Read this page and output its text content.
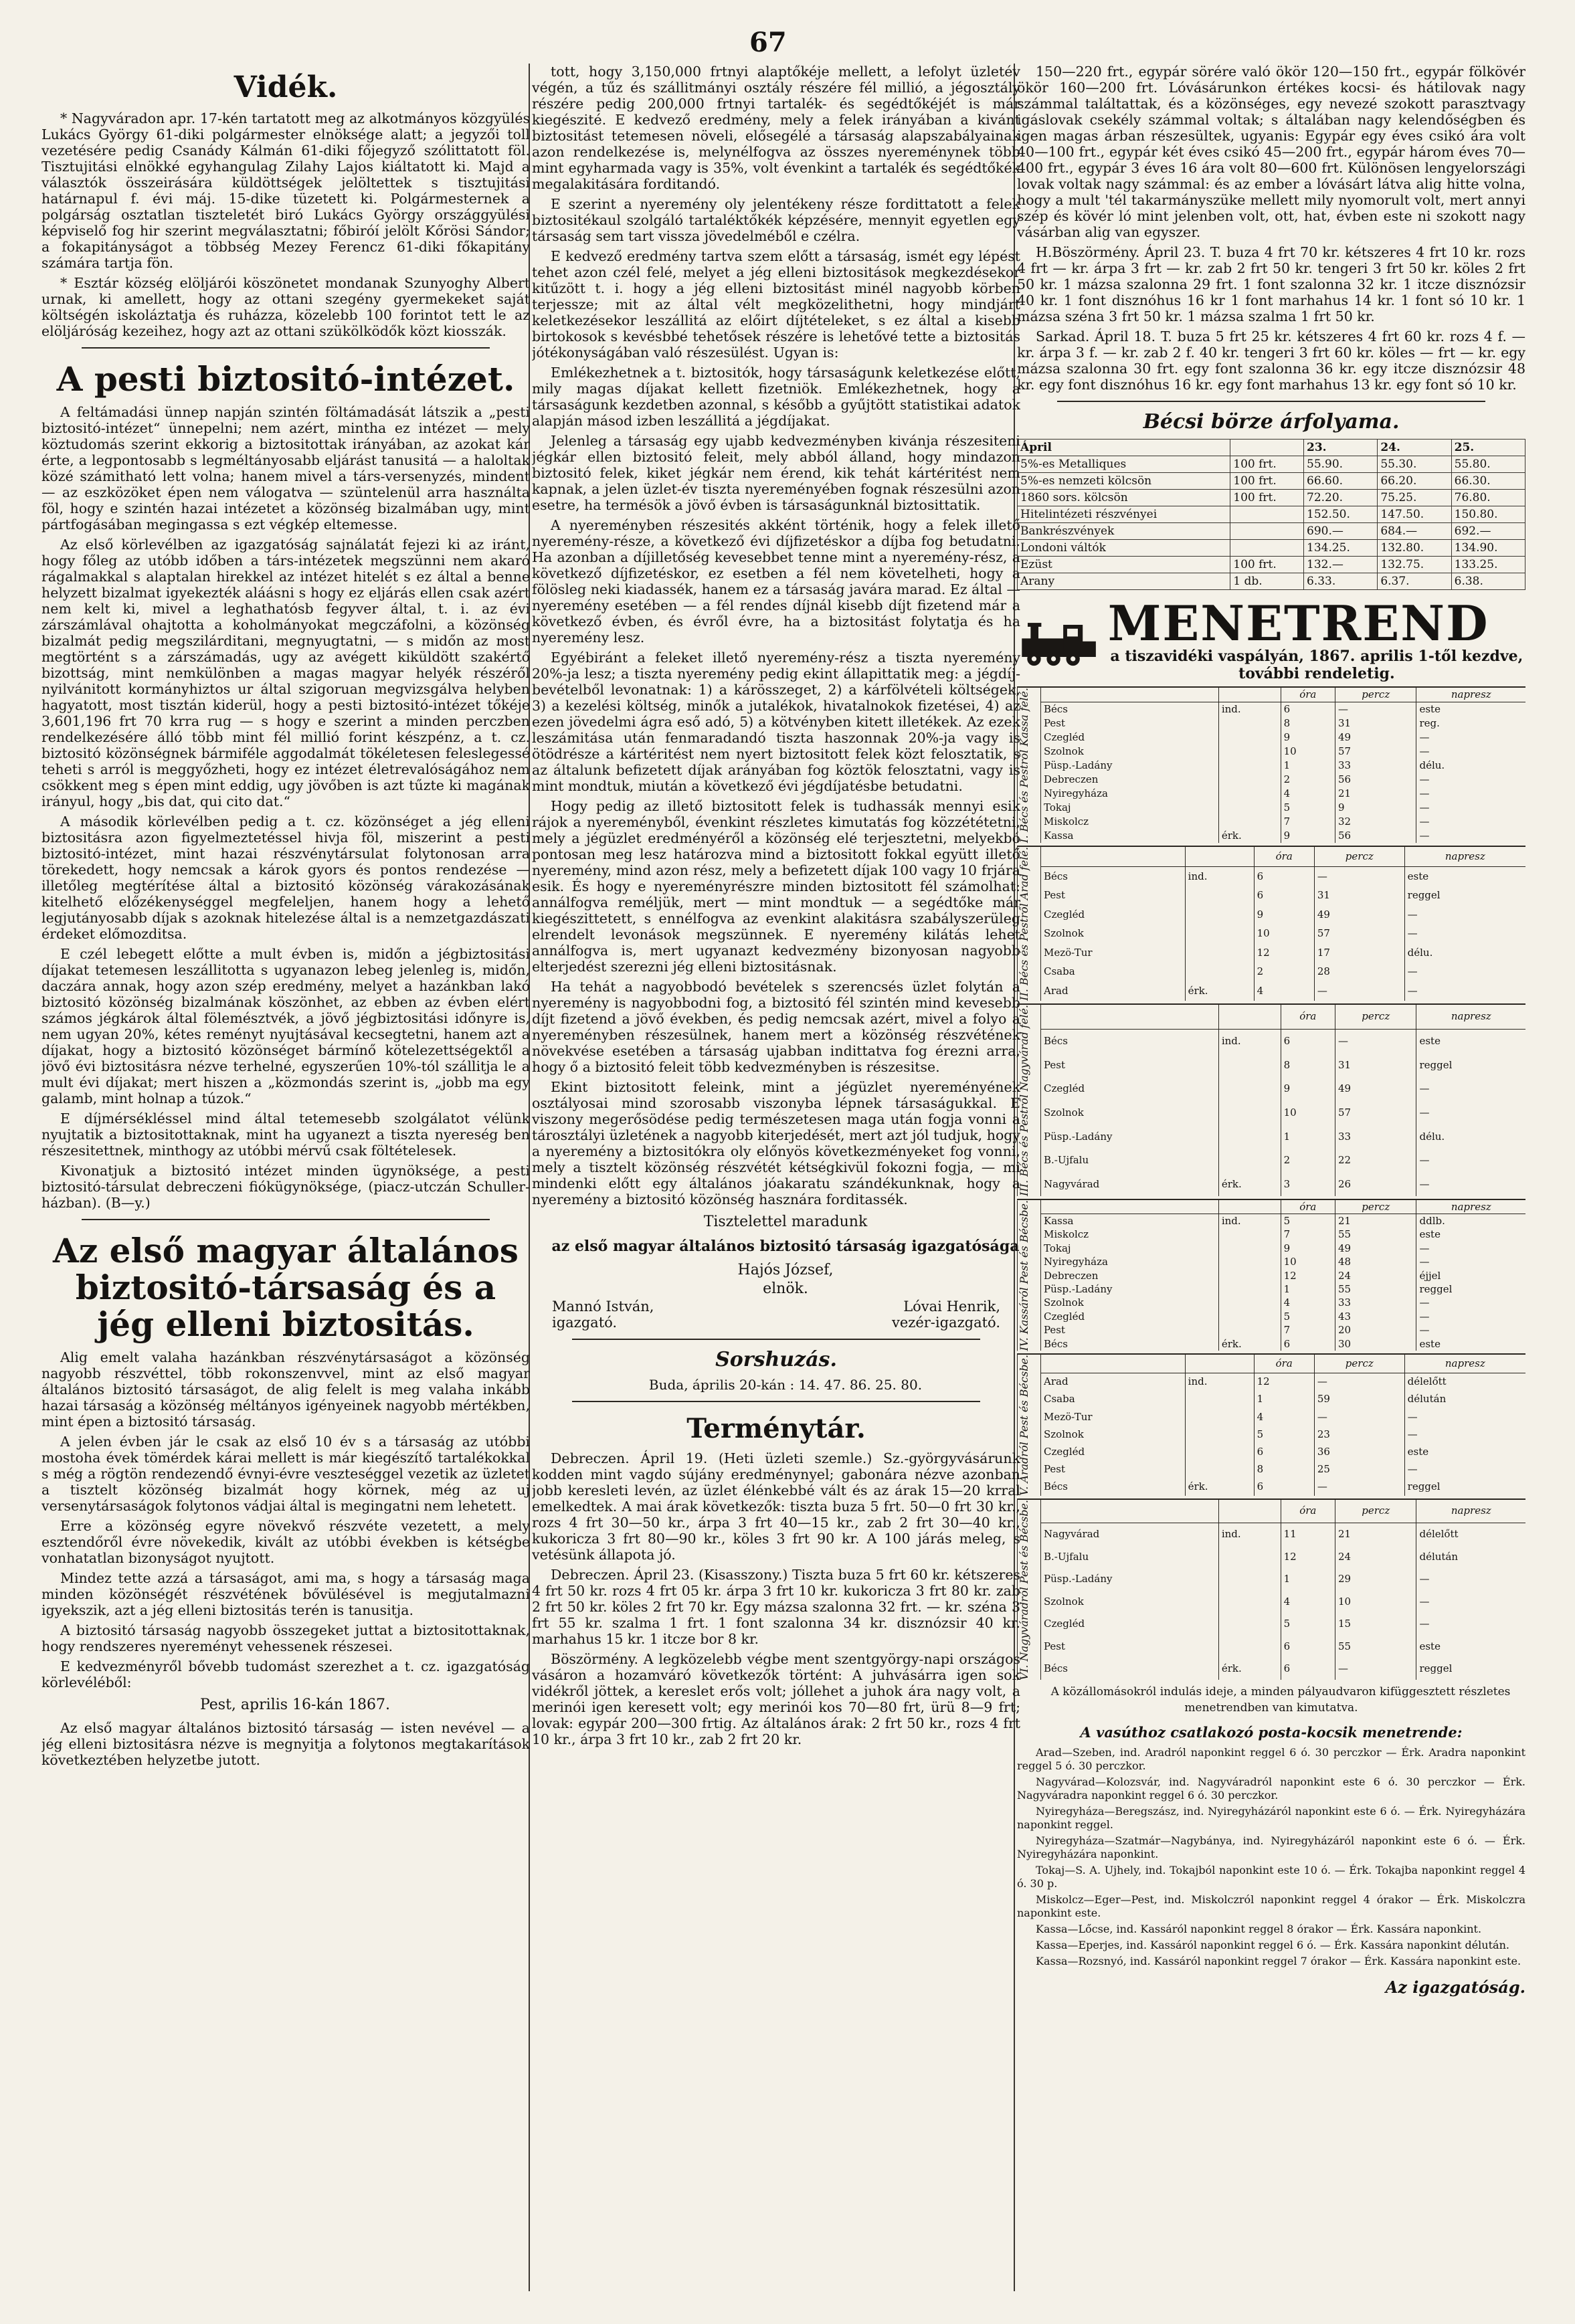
67
Vidék.

* Nagyváradon apr. 17-kén tartatott meg az alkotmányos közgyülés Lukács György 61-diki polgármester elnöksége alatt; a jegyzői toll vezetésére pedig Csanády Kálmán 61-diki főjegyző szólittatott föl. Tisztujitási elnökké egyhangulag Zilahy Lajos kiáltatott ki. Majd a választók összeirására küldöttségek jelöltettek s tisztujitási határnapul f. évi máj. 15-dike tüzetett ki. Polgármesternek a polgárság osztatlan tiszteletét biró Lukács György országgyülési képviselő fog hir szerint megválasztatni; főbiróí jelölt Kőrösi Sándor; a fokapitányságot a többség Mezey Ferencz 61-diki főkapitány számára tartja fön.

* Esztár község elöljárói köszönetet mondanak Szunyoghy Albert urnak, ki amellett, hogy az ottani szegény gyermekeket saját költségén iskoláztatja és ruházza, közelebb 100 forintot tett le az elöljáróság kezeihez, hogy azt az ottani szükölködők közt kiosszák.

A pesti biztositó-intézet.

A feltámadási ünnep napján szintén föltámadását látszik a „pesti biztositó-intézet“ ünnepelni; nem azért, mintha ez intézet — mely köztudomás szerint ekkorig a biztositottak irányában, az azokat kár érte, a legpontosabb s legméltányosabb eljárást tanusitá — a haloltak közé számitható lett volna; hanem mivel a társ-versenyzés, mindent — az eszközöket épen nem válogatva — szüntelenül arra használta föl, hogy e szintén hazai intézetet a közönség bizalmában ugy, mint pártfogásában megingassa s ezt végkép eltemesse.

Az első körlevélben az igazgatóság sajnálatát fejezi ki az iránt, hogy főleg az utóbb időben a társ-intézetek megszünni nem akaró rágalmakkal s alaptalan hirekkel az intézet hitelét s ez által a benne helyzett bizalmat igyekezték aláásni s hogy ez eljárás ellen csak azért nem kelt ki, mivel a leghathatósb fegyver által, t. i. az évi zárszámlával ohajtotta a koholmányokat megczáfolni, a közönség bizalmát pedig megszilárditani, megnyugtatni, — s midőn az most megtörtént s a zárszámadás, ugy az avégett kiküldött szakértő bizottság, mint nemkülönben a magas magyar helyék részéről nyilvánitott kormányhiztos ur által szigoruan megvizsgálva helyben hagyatott, most tisztán kiderül, hogy a pesti biztositó-intézet tőkéje 3,601,196 frt 70 krra rug — s hogy e szerint a minden perczben rendelkezésére álló több mint fél millió forint készpénz, a t. cz. biztositó közönségnek bármiféle aggodalmát tökéletesen feleslegessé teheti s arról is meggyőzheti, hogy ez intézet életrevalóságához nem csökkent meg s épen mint eddig, ugy jövőben is azt tűzte ki magának irányul, hogy „bis dat, qui cito dat.“

A második körlevélben pedig a t. cz. közönséget a jég elleni biztositásra azon figyelmeztetéssel hivja föl, miszerint a pesti biztositó-intézet, mint hazai részvénytársulat folytonosan arra törekedett, hogy nemcsak a károk gyors és pontos rendezése — illetőleg megtérítése által a biztositó közönség várakozásának kitelhető előzékenységgel megfeleljen, hanem hogy a lehető legjutányosabb díjak s azoknak hitelezése által is a nemzetgazdászati érdeket előmozditsa.

E czél lebegett előtte a mult évben is, midőn a jégbiztositási díjakat tetemesen leszállitotta s ugyanazon lebeg jelenleg is, midőn, daczára annak, hogy azon szép eredmény, melyet a hazánkban lakó biztositó közönség bizalmának köszönhet, az ebben az évben elért számos jégkárok által fölemésztvék, a jövő jégbiztositási időnyre is, nem ugyan 20%, kétes reményt nyujtásával kecsegtetni, hanem azt a díjakat, hogy a biztositó közönséget bármínő kötelezettségektől a jövő évi biztositásra nézve terhelné, egyszerűen 10%-tól szállitja le a mult évi díjakat; mert hiszen a „közmondás szerint is, „jobb ma egy galamb, mint holnap a túzok.“

E díjmérsékléssel mind által tetemesebb szolgálatot vélünk nyujtatik a biztositottaknak, mint ha ugyanezt a tiszta nyereség ben részesitettnek, minthogy az utóbbi mérvű csak föltételesek.

Kivonatjuk a biztositó intézet minden ügynöksége, a pesti biztositó-társulat debreczeni fiókügynöksége, (piacz-utczán Schuller-házban). (B—y.)

Az első magyar általános biztositó-társaság és a jég elleni biztositás.

Alig emelt valaha hazánkban részvénytársaságot a közönség nagyobb részvéttel, több rokonszenvvel, mint az első magyar általános biztositó társaságot, de alig felelt is meg valaha inkább hazai társaság a közönség méltányos igényeinek nagyobb mértékben, mint épen a biztositó társaság.

A jelen évben jár le csak az első 10 év s a társaság az utóbbi mostoha évek tömérdek kárai mellett is már kiegészítő tartalékokkal s még a rögtön rendezendő évnyi-évre veszteséggel vezetik az üzletet a tisztelt közönség bizalmát hogy körnek, még az uj versenytársaságok folytonos vádjai által is megingatni nem lehetett.

Erre a közönség egyre növekvő részvéte vezetett, a mely esztendőről évre növekedik, kivált az utóbbi években is kétségbe vonhatatlan bizonyságot nyujtott.

Mindez tette azzá a társaságot, ami ma, s hogy a társaság maga minden közönségét részvétének bővülésével is megjutalmazni igyekszik, azt a jég elleni biztositás terén is tanusitja.

A biztositó társaság nagyobb összegeket juttat a biztositottaknak, hogy rendszeres nyereményt vehessenek részesei.

E kedvezményről bővebb tudomást szerezhet a t. cz. igazgatóság körlevéléből:

Pest, aprilis 16-kán 1867.

Az első magyar általános biztositó társaság — isten nevével — a jég elleni biztositásra nézve is megnyitja a folytonos megtakarítások következtében helyzetbe jutott.

tott, hogy 3,150,000 frtnyi alaptőkéje mellett, a lefolyt üzletév végén, a tűz és szállitmányi osztály részére fél millió, a jégosztály részére pedig 200,000 frtnyi tartalék- és segédtőkéjét is már kiegészité. E kedvező eredmény, mely a felek irányában a kivánt biztositást tetemesen növeli, elősegélé a társaság alapszabályainak azon rendelkezése is, melynélfogva az összes nyereménynek több mint egyharmada vagy is 35%, volt évenkint a tartalék és segédtőkék megalakitására forditandó.

E szerint a nyeremény oly jelentékeny része fordittatott a felek biztositékaul szolgáló tartaléktőkék képzésére, mennyit egyetlen egy társaság sem tart vissza jövedelméből e czélra.

E kedvező eredmény tartva szem előtt a társaság, ismét egy lépést tehet azon czél felé, melyet a jég elleni biztositások megkezdésekor kitűzött t. i. hogy a jég elleni biztositást minél nagyobb körben terjessze; mit az által vélt megközelithetni, hogy mindjárt keletkezésekor leszállitá az előirt díjtételeket, s ez által a kisebb birtokosok s kevésbbé tehetősek részére is lehetővé tette a biztositás jótékonyságában való részesülést. Ugyan is:

Emlékezhetnek a t. biztositók, hogy társaságunk keletkezése előtt, mily magas díjakat kellett fizetniök. Emlékezhetnek, hogy a társaságunk kezdetben azonnal, s később a gyűjtött statistikai adatok alapján másod izben leszállitá a jégdíjakat.

Jelenleg a társaság egy ujabb kedvezményben kivánja részesiteni jégkár ellen biztositó feleit, mely abból álland, hogy mindazon biztositó felek, kiket jégkár nem érend, kik tehát kártéritést nem kapnak, a jelen üzlet-év tiszta nyereményében fognak részesülni azon esetre, ha termésök a jövő évben is társaságunknál biztosittatik.

A nyereményben részesités akként történik, hogy a felek illető nyeremény-része, a következő évi díjfizetéskor a díjba fog betudatni. Ha azonban a díjilletőség kevesebbet tenne mint a nyeremény-rész, a következő díjfizetéskor, ez esetben a fél nem követelheti, hogy a fölösleg neki kiadassék, hanem ez a társaság javára marad. Ez által — nyeremény esetében — a fél rendes díjnál kisebb díjt fizetend már a következő évben, és évről évre, ha a biztositást folytatja és ha nyeremény lesz.

Egyébiránt a feleket illető nyeremény-rész a tiszta nyeremény 20%-ja lesz; a tiszta nyeremény pedig ekint állapittatik meg: a jégdíj-bevételből levonatnak: 1) a kárösszeget, 2) a kárfölvételi költségek, 3) a kezelési költség, minők a jutalékok, hivatalnokok fizetései, 4) az ezen jövedelmi ágra eső adó, 5) a kötvényben kitett illetékek. Az ezek leszámitása után fenmaradandó tiszta haszonnak 20%-ja vagy is ötödrésze a kártéritést nem nyert biztositott felek közt felosztatik, s az általunk befizetett díjak arányában fog köztök felosztatni, vagy is mint mondtuk, miután a következő évi jégdíjatésbe betudatni.

Hogy pedig az illető biztositott felek is tudhassák mennyi esik rájok a nyereményből, évenkint részletes kimutatás fog közzététetni, mely a jégüzlet eredményéről a közönség elé terjesztetni, melyekbó pontosan meg lesz határozva mind a biztositott fokkal együtt illető nyeremény, mind azon rész, mely a befizetett díjak 100 vagy 10 frjára esik. És hogy e nyereményrészre minden biztositott fél számolhat: annálfogva reméljük, mert — mint mondtuk — a segédtőke már kiegészittetett, s ennélfogva az evenkint alakitásra szabályszerüleg elrendelt levonások megszünnek. E nyeremény kilátás lehet annálfogva is, mert ugyanazt kedvezmény bizonyosan nagyobb elterjedést szerezni jég elleni biztositásnak.

Ha tehát a nagyobbodó bevételek s szerencsés üzlet folytán a nyeremény is nagyobbodni fog, a biztositó fél szintén mind kevesebb díjt fizetend a jövő években, és pedig nemcsak azért, mivel a folyo a nyereményben részesülnek, hanem mert a közönség részvétének növekvése esetében a társaság ujabban indittatva fog érezni arra, hogy ő a biztositó feleit több kedvezményben is részesitse.

Ekint biztositott feleink, mint a jégüzlet nyereményének osztályosai mind szorosabb viszonyba lépnek társaságukkal. E viszony megerősödése pedig természetesen maga után fogja vonni a tárosztályi üzletének a nagyobb kiterjedését, mert azt jól tudjuk, hogy a nyeremény a biztositókra oly előnyös következményeket fog vonni, mely a tisztelt közönség részvétét kétségkivül fokozni fogja, — mi mindenki előtt egy általános jóakaratu szándékunknak, hogy a nyeremény a biztositó közönség hasznára forditassék.

Tisztelettel maradunk

az első magyar általános biztositó társaság igazgatósága

Hajós József,

elnök.

Mannó István,	Lóvai Henrik,
igazgató.	vezér-igazgató.
Sorshuzás.

Buda, április 20-kán : 14. 47. 86. 25. 80.

Terménytár.

Debreczen. Ápril 19. (Heti üzleti szemle.) Sz.-györgyvásárunk kodden mint vagdo sújány eredménynyel; gabonára nézve azonban jobb keresleti levén, az üzlet élénkebbé vált és az árak 15—20 krral emelkedtek. A mai árak következők: tiszta buza 5 frt. 50—0 frt 30 kr., rozs 4 frt 30—50 kr., árpa 3 frt 40—15 kr., zab 2 frt 30—40 kr., kukoricza 3 frt 80—90 kr., köles 3 frt 90 kr. A 100 járás meleg, s vetésünk állapota jó.

Debreczen. Ápril 23. (Kisasszony.) Tiszta buza 5 frt 60 kr. kétszeres 4 frt 50 kr. rozs 4 frt 05 kr. árpa 3 frt 10 kr. kukoricza 3 frt 80 kr. zab 2 frt 50 kr. köles 2 frt 70 kr. Egy mázsa szalonna 32 frt. — kr. széna 3 frt 55 kr. szalma 1 frt. 1 font szalonna 34 kr. disznózsir 40 kr. marhahus 15 kr. 1 itcze bor 8 kr.

Böszörmény. A legközelebb végbe ment szentgyörgy-napi országos vásáron a hozamváró következők történt: A juhvásárra igen sok vidékről jöttek, a kereslet erős volt; jóllehet a juhok ára nagy volt, a merinói igen keresett volt; egy merinói kos 70—80 frt, ürü 8—9 frt; lovak: egypár 200—300 frtig. Az általános árak: 2 frt 50 kr., rozs 4 frt 10 kr., árpa 3 frt 10 kr., zab 2 frt 20 kr.

150—220 frt., egypár sörére való ökör 120—150 frt., egypár fölkövér ökör 160—200 frt. Lóvásárunkon értékes kocsi- és hátilovak nagy számmal találtattak, és a közönséges, egy nevezé szokott parasztvagy igáslovak csekély számmal voltak; s általában nagy kelendőségben és igen magas árban részesültek, ugyanis: Egypár egy éves csikó ára volt 40—100 frt., egypár két éves csikó 45—200 frt., egypár három éves 70—400 frt., egypár 3 éves 16 ára volt 80—600 frt. Különösen lengyelországi lovak voltak nagy számmal: és az ember a lóvásárt látva alig hitte volna, hogy a mult 'tél takarmányszüke mellett mily nyomorult volt, mert annyi szép és kövér ló mint jelenben volt, ott, hat, évben este ni szokott nagy vásárban alig van egyszer.

H.Böszörmény. Ápril 23. T. buza 4 frt 70 kr. kétszeres 4 frt 10 kr. rozs 4 frt — kr. árpa 3 frt — kr. zab 2 frt 50 kr. tengeri 3 frt 50 kr. köles 2 frt 50 kr. 1 mázsa szalonna 29 frt. 1 font szalonna 32 kr. 1 itcze disznózsir 40 kr. 1 font disznóhus 16 kr 1 font marhahus 14 kr. 1 font só 10 kr. 1 mázsa széna 3 frt 50 kr. 1 mázsa szalma 1 frt 50 kr.

Sarkad. Ápril 18. T. buza 5 frt 25 kr. kétszeres 4 frt 60 kr. rozs 4 f. — kr. árpa 3 f. — kr. zab 2 f. 40 kr. tengeri 3 frt 60 kr. köles — frt — kr. egy mázsa szalonna 30 frt. egy font szalonna 36 kr. egy itcze disznózsir 48 kr. egy font disznóhus 16 kr. egy font marhahus 13 kr. egy font só 10 kr.

Bécsi börze árfolyama.
Ápril		23.	24.	25.
5%-es Metalliques	100 frt.	55.90.	55.30.	55.80.
5%-es nemzeti kölcsön	100 frt.	66.60.	66.20.	66.30.
1860 sors. kölcsön	100 frt.	72.20.	75.25.	76.80.
Hitelintézeti részvényei		152.50.	147.50.	150.80.
Bankrészvények		690.—	684.—	692.—
Londoni váltók		134.25.	132.80.	134.90.
Ezüst	100 frt.	132.—	132.75.	133.25.
Arany	1 db.	6.33.	6.37.	6.38.
MENETREND
a tiszavidéki vaspályán, 1867. aprilis 1-től kezdve, további rendeletig.
I. Bécs és Pestről Kassa felé.
			óra	percz	napresz
Bécs	ind.	6	—	este
Pest		8	31	reg.
Czegléd		9	49	—
Szolnok		10	57	—
Püsp.-Ladány		1	33	délu.
Debreczen		2	56	—
Nyiregyháza		4	21	—
Tokaj		5	9	—
Miskolcz		7	32	—
Kassa	érk.	9	56	—
II. Bécs és Pestről Arad felé.
			óra	percz	napresz
Bécs	ind.	6	—	este
Pest		6	31	reggel
Czegléd		9	49	—
Szolnok		10	57	—
Mezö-Tur		12	17	délu.
Csaba		2	28	—
Arad	érk.	4	—	—
III. Bécs és Pestről Nagyvárad felé.
			óra	percz	napresz
Bécs	ind.	6	—	este
Pest		8	31	reggel
Czegléd		9	49	—
Szolnok		10	57	—
Püsp.-Ladány		1	33	délu.
B.-Ujfalu		2	22	—
Nagyvárad	érk.	3	26	—
IV. Kassáról Pest és Bécsbe.
			óra	percz	napresz
Kassa	ind.	5	21	ddlb.
Miskolcz		7	55	este
Tokaj		9	49	—
Nyiregyháza		10	48	—
Debreczen		12	24	éjjel
Püsp.-Ladány		1	55	reggel
Szolnok		4	33	—
Czegléd		5	43	—
Pest		7	20	—
Bécs	érk.	6	30	este
V. Aradról Pest és Bécsbe.
			óra	percz	napresz
Arad	ind.	12	—	délelőtt
Csaba		1	59	délután
Mezö-Tur		4	—	—
Szolnok		5	23	—
Czegléd		6	36	este
Pest		8	25	—
Bécs	érk.	6	—	reggel
VI. Nagyváradról Pest és Bécsbe.
			óra	percz	napresz
Nagyvárad	ind.	11	21	délelőtt
B.-Ujfalu		12	24	délután
Püsp.-Ladány		1	29	—
Szolnok		4	10	—
Czegléd		5	15	—
Pest		6	55	este
Bécs	érk.	6	—	reggel

A közállomásokról indulás ideje, a minden pályaudvaron kifüggesztett részletes menetrendben van kimutatva.

A vasúthoz csatlakozó posta-kocsik menetrende:

Arad—Szeben, ind. Aradról naponkint reggel 6 ó. 30 perczkor — Érk. Aradra naponkint reggel 5 ó. 30 perczkor.

Nagyvárad—Kolozsvár, ind. Nagyváradról naponkint este 6 ó. 30 perczkor — Érk. Nagyváradra naponkint reggel 6 ó. 30 perczkor.

Nyiregyháza—Beregszász, ind. Nyiregyházáról naponkint este 6 ó. — Érk. Nyiregyházára naponkint reggel.

Nyiregyháza—Szatmár—Nagybánya, ind. Nyiregyházáról naponkint este 6 ó. — Érk. Nyiregyházára naponkint.

Tokaj—S. A. Ujhely, ind. Tokajból naponkint este 10 ó. — Érk. Tokajba naponkint reggel 4 ó. 30 p.

Miskolcz—Eger—Pest, ind. Miskolczról naponkint reggel 4 órakor — Érk. Miskolczra naponkint este.

Kassa—Lőcse, ind. Kassáról naponkint reggel 8 órakor — Érk. Kassára naponkint.

Kassa—Eperjes, ind. Kassáról naponkint reggel 6 ó. — Érk. Kassára naponkint délután.

Kassa—Rozsnyó, ind. Kassáról naponkint reggel 7 órakor — Érk. Kassára naponkint este.

Az igazgatóság.
